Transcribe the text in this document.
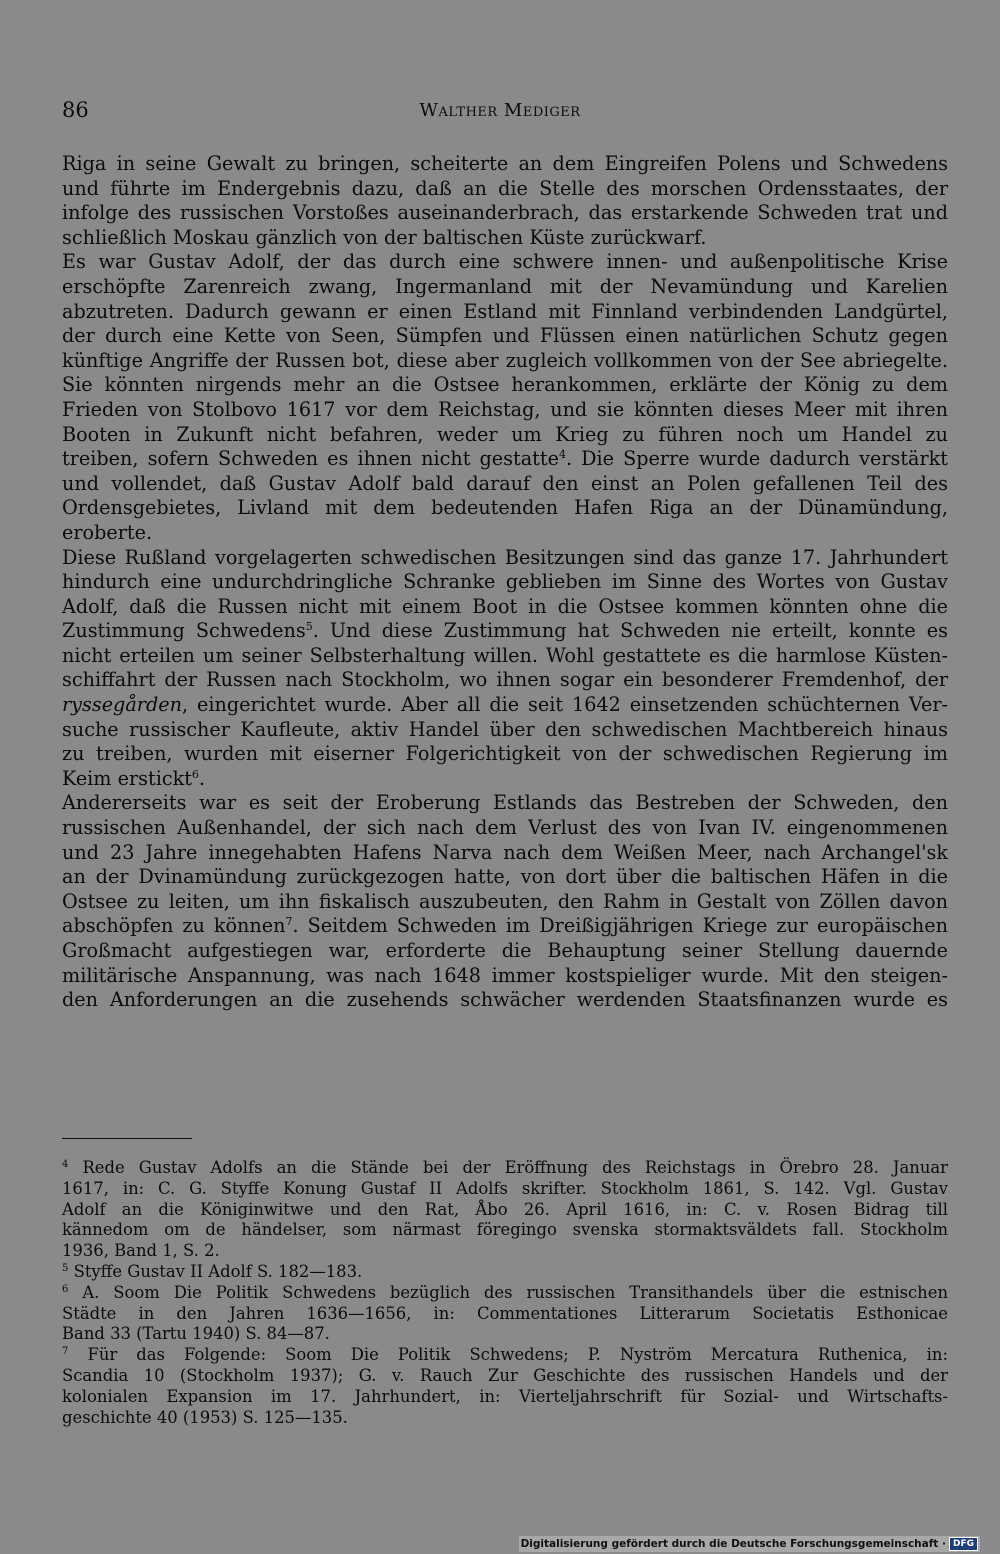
86	Walther Mediger
Riga in seine Gewalt zu bringen, scheiterte an dem Eingreifen Polens und Schwedens
und führte im Endergebnis dazu, daß an die Stelle des morschen Ordensstaates, der
infolge des russischen Vorstoßes auseinanderbrach, das erstarkende Schweden trat und
schließlich Moskau gänzlich von der baltischen Küste zurückwarf.
Es war Gustav Adolf, der das durch eine schwere innen- und außenpolitische Krise
erschöpfte Zarenreich zwang, Ingermanland mit der Nevamündung und Karelien
abzutreten. Dadurch gewann er einen Estland mit Finnland verbindenden Landgürtel,
der durch eine Kette von Seen, Sümpfen und Flüssen einen natürlichen Schutz gegen
künftige Angriffe der Russen bot, diese aber zugleich vollkommen von der See abriegelte.
Sie könnten nirgends mehr an die Ostsee herankommen, erklärte der König zu dem
Frieden von Stolbovo 1617 vor dem Reichstag, und sie könnten dieses Meer mit ihren
Booten in Zukunft nicht befahren, weder um Krieg zu führen noch um Handel zu
treiben, sofern Schweden es ihnen nicht gestatte$^4$. Die Sperre wurde dadurch verstärkt
und vollendet, daß Gustav Adolf bald darauf den einst an Polen gefallenen Teil des
Ordensgebietes, Livland mit dem bedeutenden Hafen Riga an der Dünamündung,
eroberte.
Diese Rußland vorgelagerten schwedischen Besitzungen sind das ganze 17. Jahrhundert
hindurch eine undurchdringliche Schranke geblieben im Sinne des Wortes von Gustav
Adolf, daß die Russen nicht mit einem Boot in die Ostsee kommen könnten ohne die
Zustimmung Schwedens$^5$. Und diese Zustimmung hat Schweden nie erteilt, konnte es
nicht erteilen um seiner Selbsterhaltung willen. Wohl gestattete es die harmlose Küsten-
schiffahrt der Russen nach Stockholm, wo ihnen sogar ein besonderer Fremdenhof, der
ryssegården, eingerichtet wurde. Aber all die seit 1642 einsetzenden schüchternen Ver-
suche russischer Kaufleute, aktiv Handel über den schwedischen Machtbereich hinaus
zu treiben, wurden mit eiserner Folgerichtigkeit von der schwedischen Regierung im
Keim erstickt$^6$.
Andererseits war es seit der Eroberung Estlands das Bestreben der Schweden, den
russischen Außenhandel, der sich nach dem Verlust des von Ivan IV. eingenommenen
und 23 Jahre innegehabten Hafens Narva nach dem Weißen Meer, nach Archangel'sk
an der Dvinamündung zurückgezogen hatte, von dort über die baltischen Häfen in die
Ostsee zu leiten, um ihn fiskalisch auszubeuten, den Rahm in Gestalt von Zöllen davon
abschöpfen zu können$^7$. Seitdem Schweden im Dreißigjährigen Kriege zur europäischen
Großmacht aufgestiegen war, erforderte die Behauptung seiner Stellung dauernde
militärische Anspannung, was nach 1648 immer kostspieliger wurde. Mit den steigen-
den Anforderungen an die zusehends schwächer werdenden Staatsfinanzen wurde es
$^4$ Rede Gustav Adolfs an die Stände bei der Eröffnung des Reichstags in Örebro 28. Januar
1617, in: C. G. Styffe Konung Gustaf II Adolfs skrifter. Stockholm 1861, S. 142. Vgl. Gustav
Adolf an die Königinwitwe und den Rat, Åbo 26. April 1616, in: C. v. Rosen Bidrag till
kännedom om de händelser, som närmast föregingo svenska stormaktsväldets fall. Stockholm
1936, Band 1, S. 2.
$^5$ Styffe Gustav II Adolf S. 182—183.
$^6$ A. Soom Die Politik Schwedens bezüglich des russischen Transithandels über die estnischen
Städte in den Jahren 1636—1656, in: Commentationes Litterarum Societatis Esthonicae
Band 33 (Tartu 1940) S. 84—87.
$^7$ Für das Folgende: Soom Die Politik Schwedens; P. Nyström Mercatura Ruthenica, in:
Scandia 10 (Stockholm 1937); G. v. Rauch Zur Geschichte des russischen Handels und der
kolonialen Expansion im 17. Jahrhundert, in: Vierteljahrschrift für Sozial- und Wirtschafts-
geschichte 40 (1953) S. 125—135.
Digitalisierung gefördert durch die Deutsche Forschungsgemeinschaft · DFG
